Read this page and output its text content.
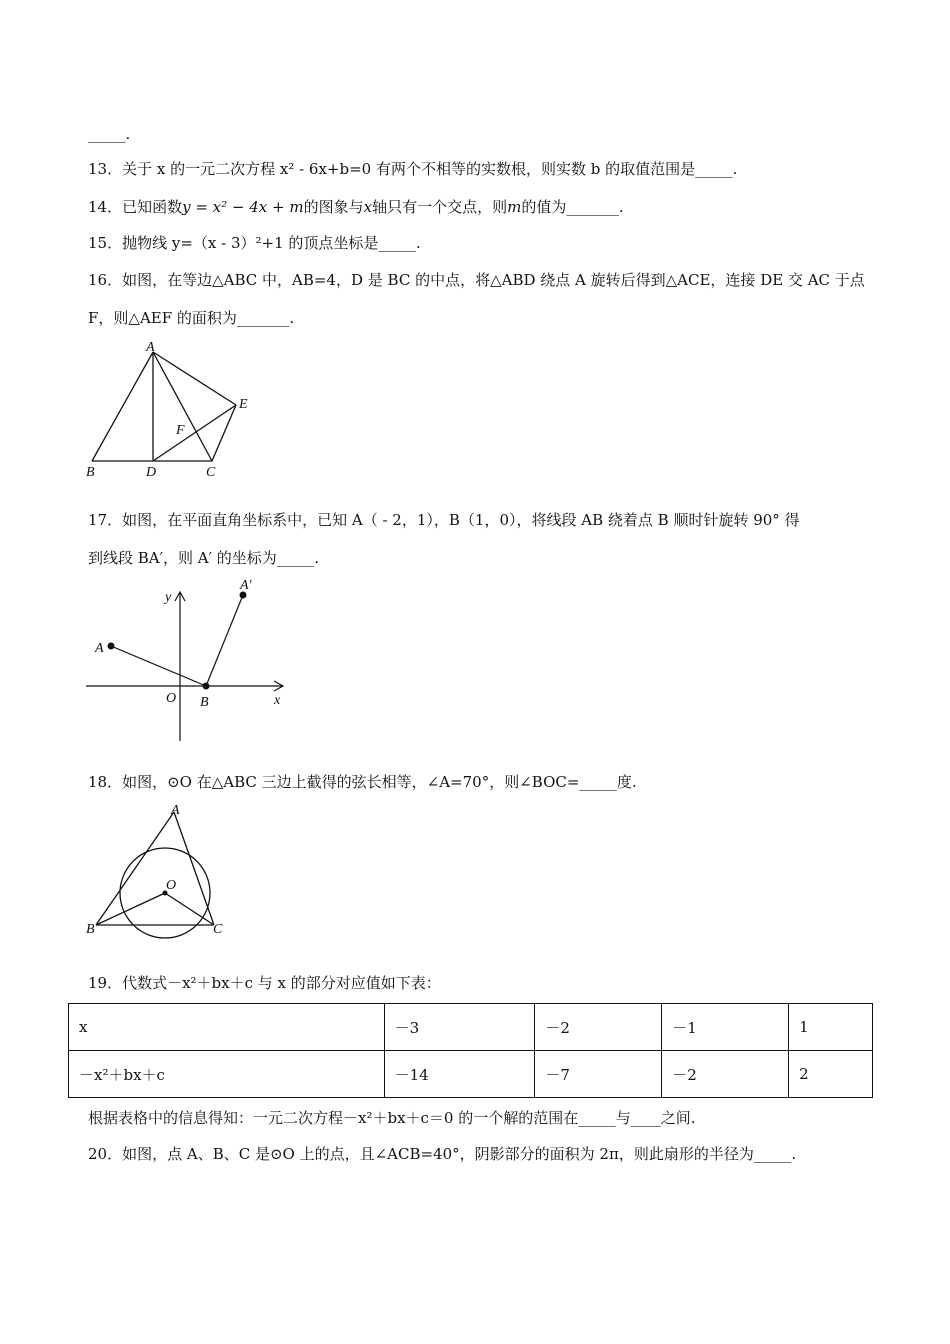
_____.
13．关于 x 的一元二次方程 x² - 6x+b=0 有两个不相等的实数根，则实数 b 的取值范围是_____.
14．已知函数y = x² − 4x + m的图象与x轴只有一个交点，则m的值为_______.
15．抛物线 y=（x - 3）²+1 的顶点坐标是_____.
16．如图，在等边△ABC 中，AB=4，D 是 BC 的中点，将△ABD 绕点 A 旋转后得到△ACE，连接 DE 交 AC 于点
F，则△AEF 的面积为_______.
A
B	D	C
E
F
17．如图，在平面直角坐标系中，已知 A（ - 2，1），B（1，0），将线段 AB 绕着点 B 顺时针旋转 90° 得
到线段 BA′，则 A′ 的坐标为_____.
y
x
O B
A
A′
18．如图，⊙O 在△ABC 三边上截得的弦长相等，∠A=70°，则∠BOC=_____度.
A
B	C
O
19．代数式－x²＋bx＋c 与 x 的部分对应值如下表：
x	－3	－2	－1	1
－x²＋bx＋c	－14	－7	－2	2
根据表格中的信息得知：一元二次方程－x²＋bx＋c＝0 的一个解的范围在_____与____之间.
20．如图，点 A、B、C 是⊙O 上的点，且∠ACB=40°，阴影部分的面积为 2π，则此扇形的半径为_____.
